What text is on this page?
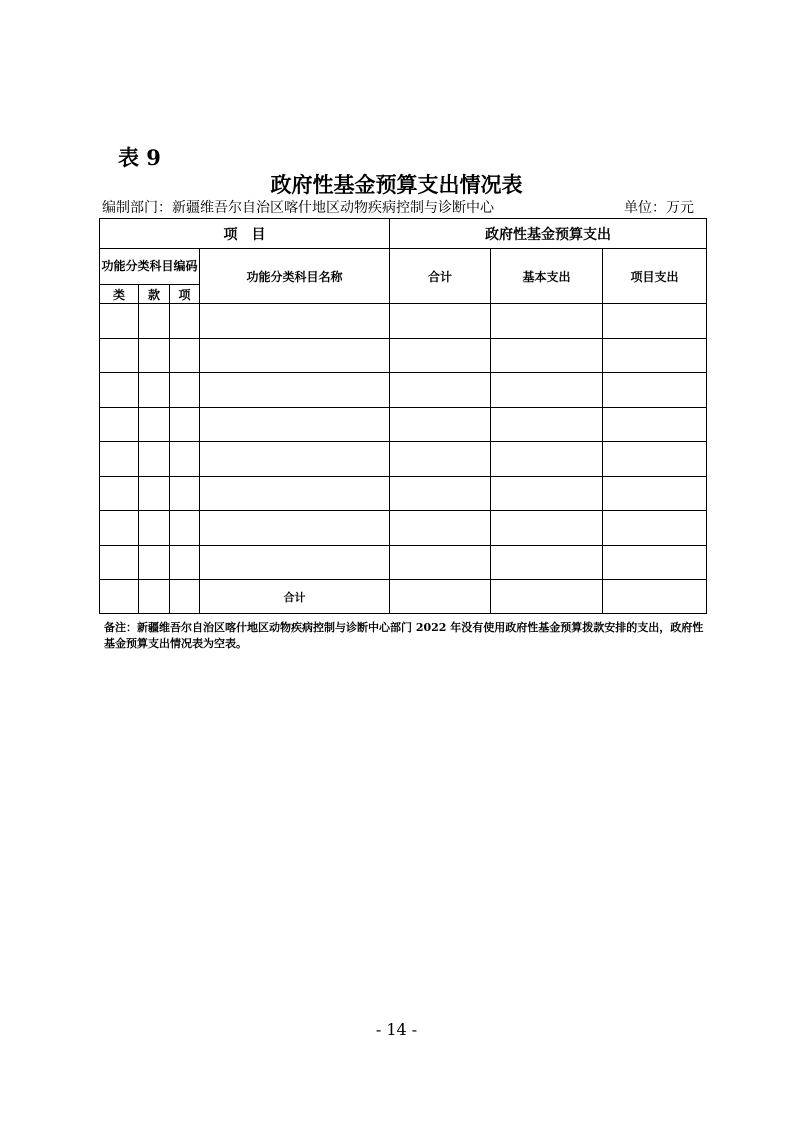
表 9
政府性基金预算支出情况表
编制部门：新疆维吾尔自治区喀什地区动物疾病控制与诊断中心	单位：万元
项　目				政府性基金预算支出		
功能分类科目编码			功能分类科目名称	合计	基本支出	项目支出
类	款	项				

			合计			
备注：新疆维吾尔自治区喀什地区动物疾病控制与诊断中心部门 2022 年没有使用政府性基金预算拨款安排的支出，政府性基金预算支出情况表为空表。
- 14 -
